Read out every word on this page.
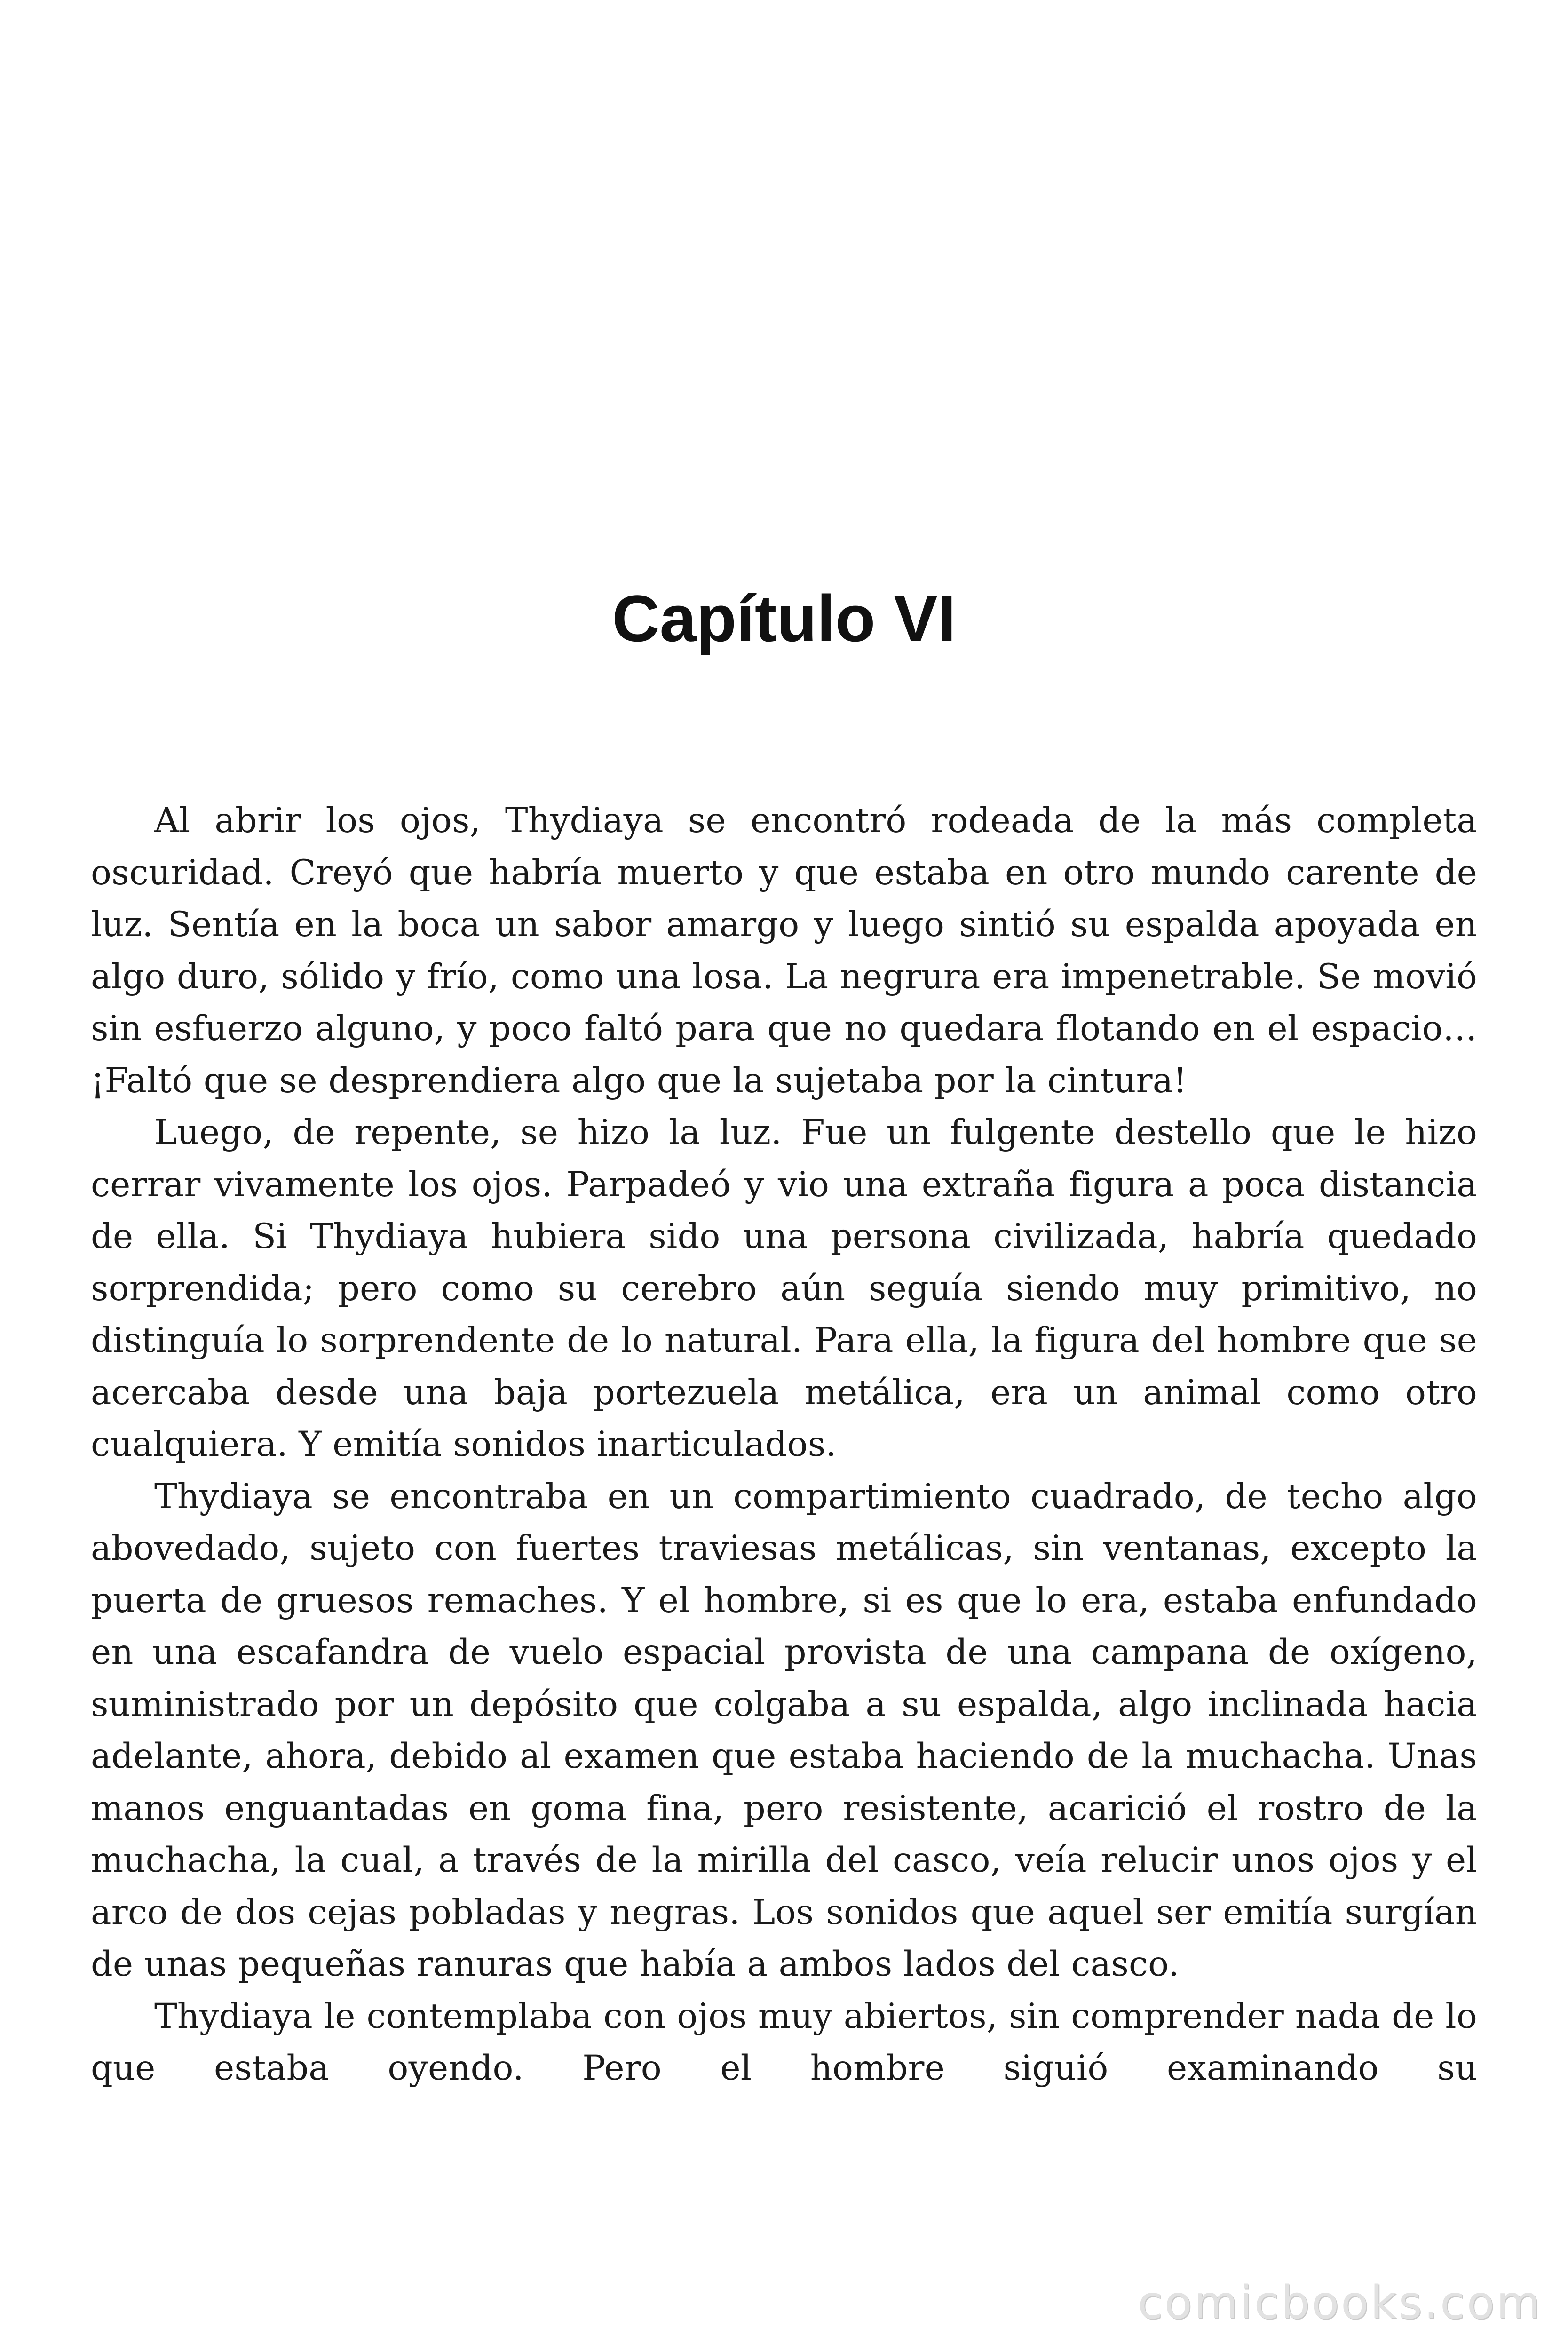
Capítulo VI

Al abrir los ojos, Thydiaya se encontró rodeada de la más completa oscuridad. Creyó que habría muerto y que estaba en otro mundo carente de luz. Sentía en la boca un sabor amargo y luego sintió su espalda apoyada en algo duro, sólido y frío, como una losa. La negrura era impenetrable. Se movió sin esfuerzo alguno, y poco faltó para que no quedara flotando en el espacio… ¡Faltó que se desprendiera algo que la sujetaba por la cintura!

Luego, de repente, se hizo la luz. Fue un fulgente destello que le hizo cerrar vivamente los ojos. Parpadeó y vio una extraña figura a poca distancia de ella. Si Thydiaya hubiera sido una persona civilizada, habría quedado sorprendida; pero como su cerebro aún seguía siendo muy primitivo, no distinguía lo sorprendente de lo natural. Para ella, la figura del hombre que se acercaba desde una baja portezuela metálica, era un animal como otro cualquiera. Y emitía sonidos inarticulados.

Thydiaya se encontraba en un compartimiento cuadrado, de techo algo abovedado, sujeto con fuertes traviesas metálicas, sin ventanas, excepto la puerta de gruesos remaches. Y el hombre, si es que lo era, estaba enfundado en una escafandra de vuelo espacial provista de una campana de oxígeno, suministrado por un depósito que colgaba a su espalda, algo inclinada hacia adelante, ahora, debido al examen que estaba haciendo de la muchacha. Unas manos enguantadas en goma fina, pero resistente, acarició el rostro de la muchacha, la cual, a través de la mirilla del casco, veía relucir unos ojos y el arco de dos cejas pobladas y negras. Los sonidos que aquel ser emitía surgían de unas pequeñas ranuras que había a ambos lados del casco.

Thydiaya le contemplaba con ojos muy abiertos, sin comprender nada de lo que estaba oyendo. Pero el hombre siguió examinando su

comicbooks.com
